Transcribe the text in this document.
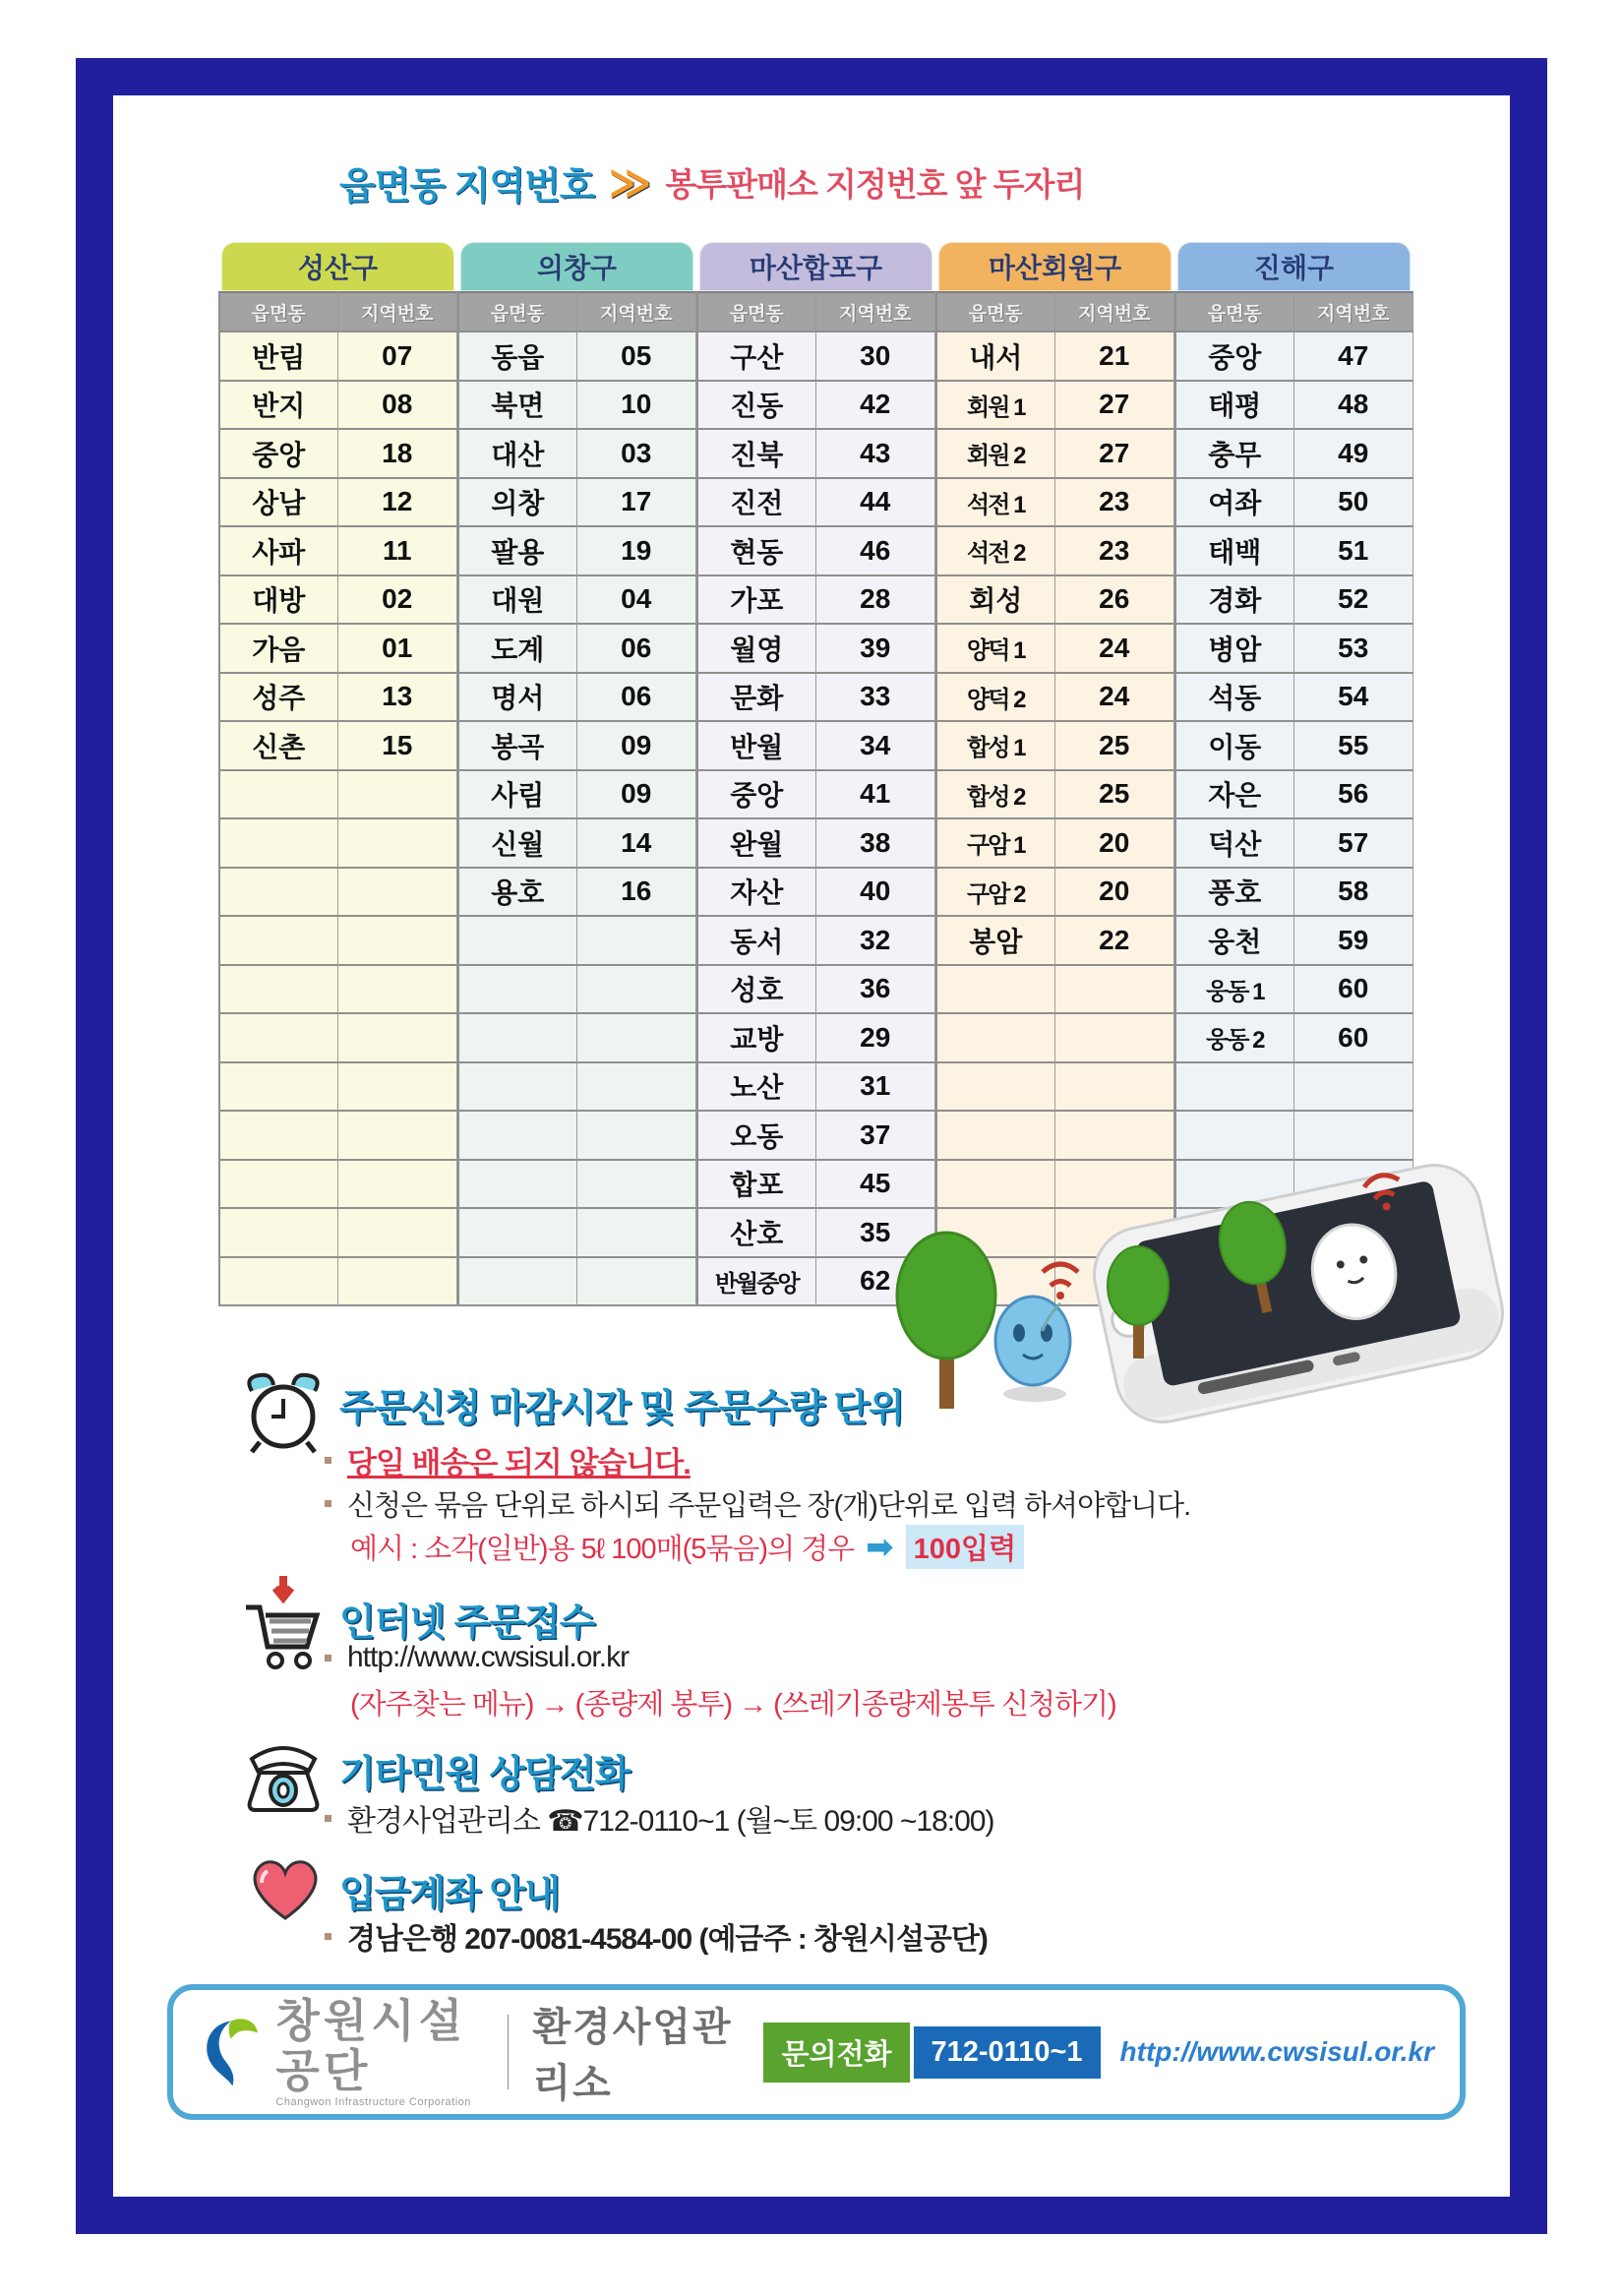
읍면동 지역번호 ≫ 봉투판매소 지정번호 앞 두자리
성산구
읍면동	지역번호
반림	07
반지	08
중앙	18
상남	12
사파	11
대방	02
가음	01
성주	13
신촌	15
의창구
읍면동	지역번호
동읍	05
북면	10
대산	03
의창	17
팔용	19
대원	04
도계	06
명서	06
봉곡	09
사림	09
신월	14
용호	16
마산합포구
읍면동	지역번호
구산	30
진동	42
진북	43
진전	44
현동	46
가포	28
월영	39
문화	33
반월	34
중앙	41
완월	38
자산	40
동서	32
성호	36
교방	29
노산	31
오동	37
합포	45
산호	35
반월중앙	62
마산회원구
읍면동	지역번호
내서	21
회원 1	27
회원 2	27
석전 1	23
석전 2	23
회성	26
양덕 1	24
양덕 2	24
합성 1	25
합성 2	25
구암 1	20
구암 2	20
봉암	22
진해구
읍면동	지역번호
중앙	47
태평	48
충무	49
여좌	50
태백	51
경화	52
병암	53
석동	54
이동	55
자은	56
덕산	57
풍호	58
웅천	59
웅동 1	60
웅동 2	60
주문신청 마감시간 및 주문수량 단위
당일 배송은 되지 않습니다.
신청은 묶음 단위로 하시되 주문입력은 장(개)단위로 입력 하셔야합니다.
예시 : 소각(일반)용 5ℓ 100매(5묶음)의 경우 ➡ 100입력
인터넷 주문접수
http://www.cwsisul.or.kr
(자주찾는 메뉴) → (종량제 봉투) → (쓰레기종량제봉투 신청하기)
기타민원 상담전화
환경사업관리소 ☎712-0110~1 (월~토 09:00 ~18:00)
입금계좌 안내
경남은행 207-0081-4584-00 (예금주 : 창원시설공단)
창원시설공단
Changwon Infrastructure Corporation
환경사업관리소
문의전화	712-0110~1	http://www.cwsisul.or.kr
